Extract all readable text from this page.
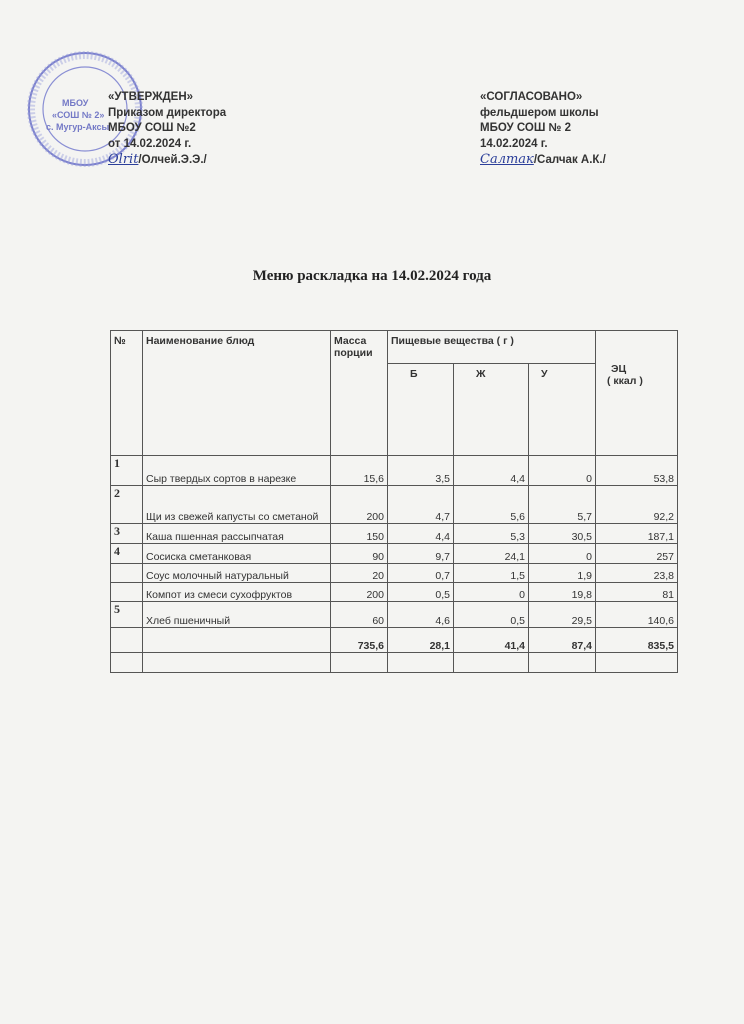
МБОУ
«СОШ № 2»
с. Мугур-Аксы
«УТВЕРЖДЕН»
Приказом директора
МБОУ СОШ №2
от 14.02.2024 г.
Olrit/Олчей.Э.Э./
«СОГЛАСОВАНО»
фельдшером школы
МБОУ СОШ № 2
14.02.2024 г.
Салтак/Салчак А.К./
Меню раскладка на 14.02.2024 года
№	Наименование блюд	Масса порции	Пищевые вещества ( г )			ЭЦ
( ккал )

			Б	Ж	У	
1	Сыр твердых сортов в нарезке	15,6	3,5	4,4	0	53,8
2	Щи из свежей капусты со сметаной	200	4,7	5,6	5,7	92,2
3	Каша пшенная рассыпчатая	150	4,4	5,3	30,5	187,1
4	Сосиска сметанковая	90	9,7	24,1	0	257
	Соус молочный натуральный	20	0,7	1,5	1,9	23,8
	Компот из смеси сухофруктов	200	0,5	0	19,8	81
5	Хлеб пшеничный	60	4,6	0,5	29,5	140,6
		735,6	28,1	41,4	87,4	835,5
